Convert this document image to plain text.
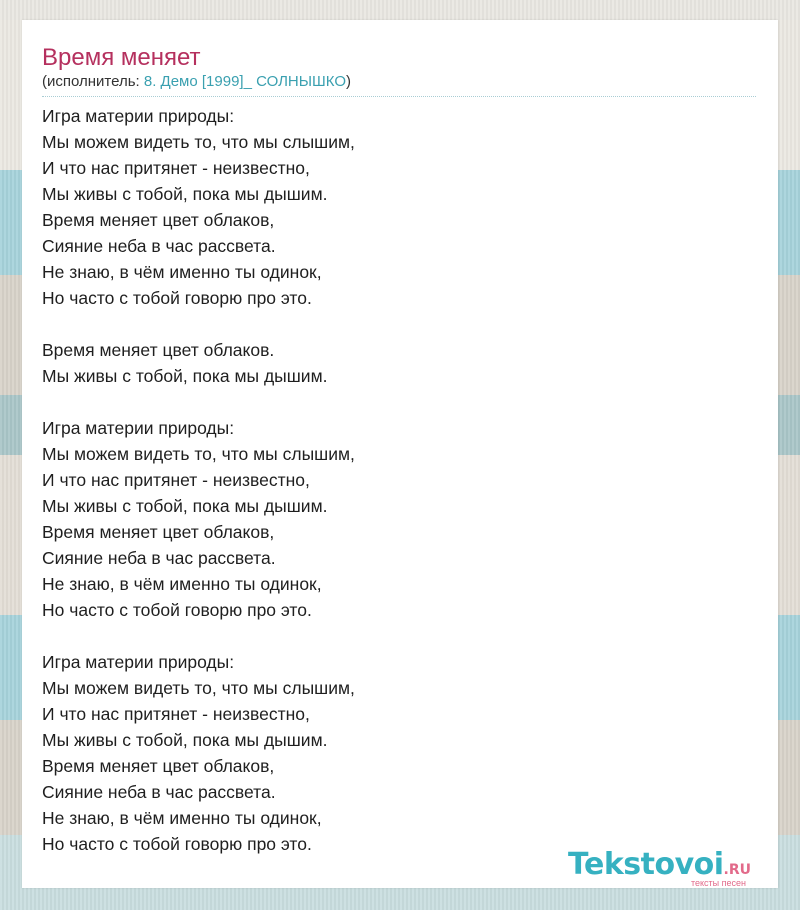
Время меняет
(исполнитель: 8. Демо [1999]_ СОЛНЫШКО)
Игра материи природы:
Мы можем видеть то, что мы слышим,
И что нас притянет - неизвестно,
Мы живы с тобой, пока мы дышим.
Время меняет цвет облаков,
Сияние неба в час рассвета.
Не знаю, в чём именно ты одинок,
Но часто с тобой говорю про это.
Время меняет цвет облаков.
Мы живы с тобой, пока мы дышим.
Игра материи природы:
Мы можем видеть то, что мы слышим,
И что нас притянет - неизвестно,
Мы живы с тобой, пока мы дышим.
Время меняет цвет облаков,
Сияние неба в час рассвета.
Не знаю, в чём именно ты одинок,
Но часто с тобой говорю про это.
Игра материи природы:
Мы можем видеть то, что мы слышим,
И что нас притянет - неизвестно,
Мы живы с тобой, пока мы дышим.
Время меняет цвет облаков,
Сияние неба в час рассвета.
Не знаю, в чём именно ты одинок,
Но часто с тобой говорю про это.
Tekstovoi.RU
тексты песен
